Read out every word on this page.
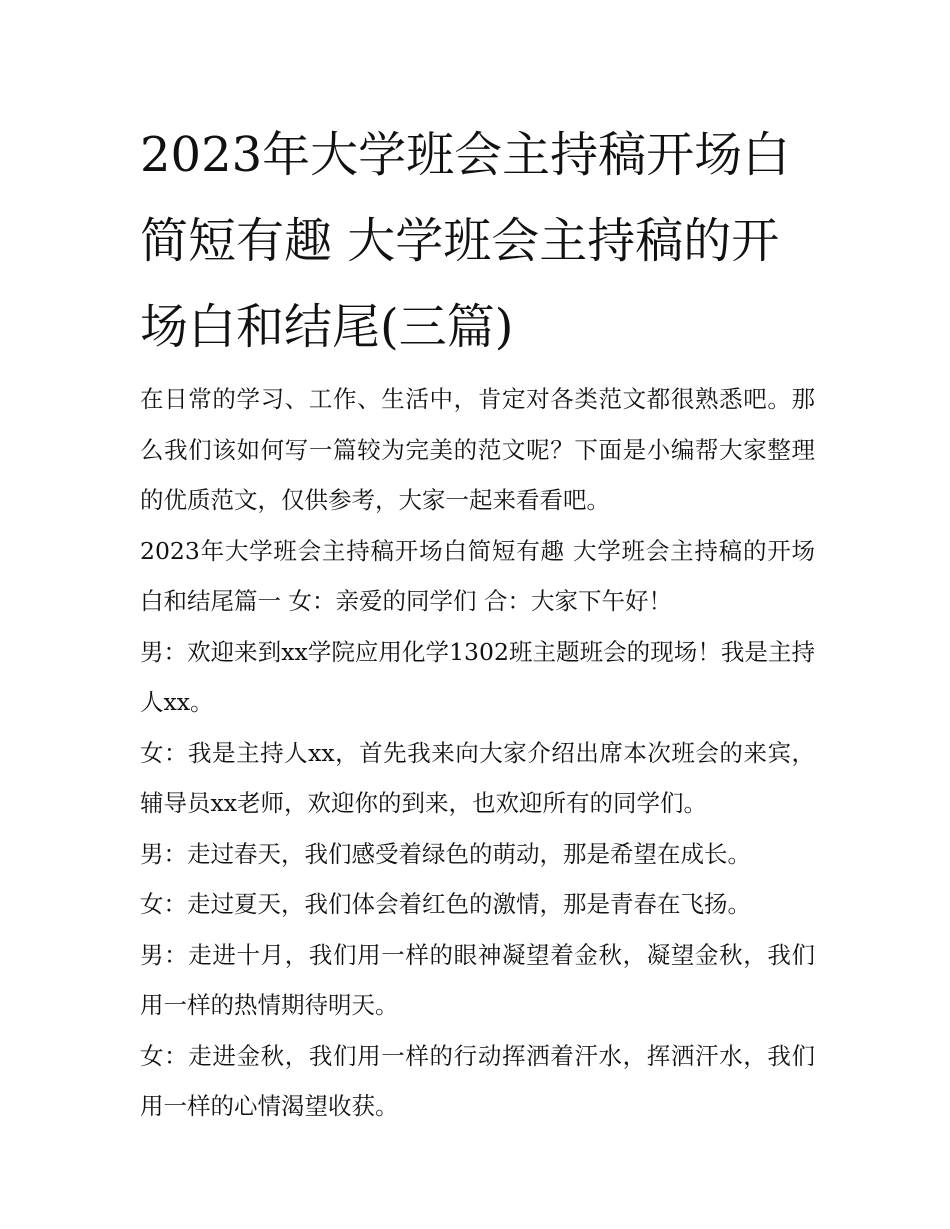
2023年大学班会主持稿开场白
简短有趣 大学班会主持稿的开
场白和结尾(三篇)

在日常的学习、工作、生活中，肯定对各类范文都很熟悉吧。那么我们该如何写一篇较为完美的范文呢？下面是小编帮大家整理的优质范文，仅供参考，大家一起来看看吧。

2023年大学班会主持稿开场白简短有趣 大学班会主持稿的开场白和结尾篇一 女：亲爱的同学们 合：大家下午好！

男：欢迎来到xx学院应用化学1302班主题班会的现场！我是主持人xx。

女：我是主持人xx，首先我来向大家介绍出席本次班会的来宾，辅导员xx老师，欢迎你的到来，也欢迎所有的同学们。

男：走过春天，我们感受着绿色的萌动，那是希望在成长。

女：走过夏天，我们体会着红色的激情，那是青春在飞扬。

男：走进十月，我们用一样的眼神凝望着金秋，凝望金秋，我们用一样的热情期待明天。

女：走进金秋，我们用一样的行动挥洒着汗水，挥洒汗水，我们用一样的心情渴望收获。
